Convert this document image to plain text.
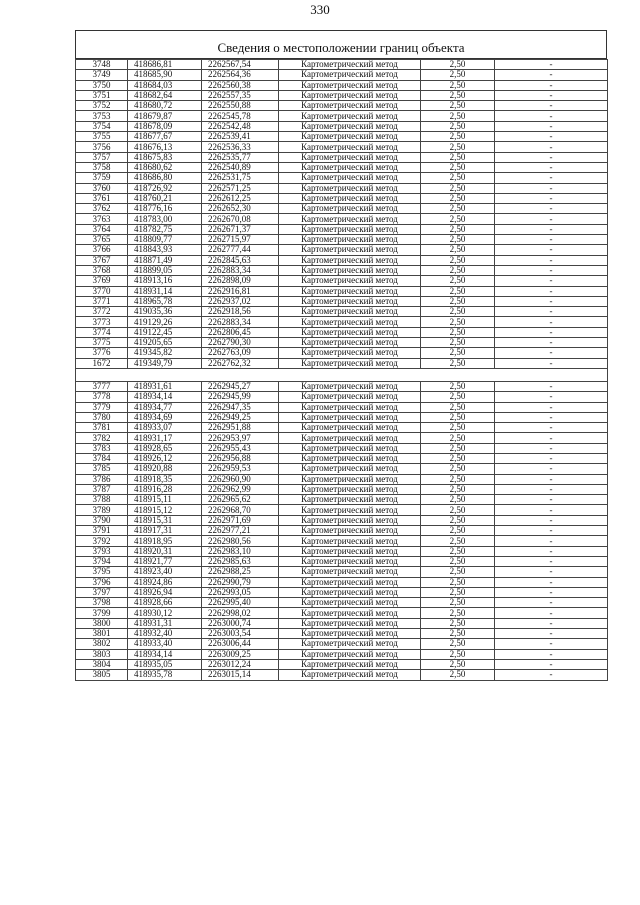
330
Сведения о местоположении границ объекта
3748	418686,81	2262567,54	Картометрический метод	2,50	-
3749	418685,90	2262564,36	Картометрический метод	2,50	-
3750	418684,03	2262560,38	Картометрический метод	2,50	-
3751	418682,64	2262557,35	Картометрический метод	2,50	-
3752	418680,72	2262550,88	Картометрический метод	2,50	-
3753	418679,87	2262545,78	Картометрический метод	2,50	-
3754	418678,09	2262542,48	Картометрический метод	2,50	-
3755	418677,67	2262539,41	Картометрический метод	2,50	-
3756	418676,13	2262536,33	Картометрический метод	2,50	-
3757	418675,83	2262535,77	Картометрический метод	2,50	-
3758	418680,62	2262540,89	Картометрический метод	2,50	-
3759	418686,80	2262531,75	Картометрический метод	2,50	-
3760	418726,92	2262571,25	Картометрический метод	2,50	-
3761	418760,21	2262612,25	Картометрический метод	2,50	-
3762	418776,16	2262652,30	Картометрический метод	2,50	-
3763	418783,00	2262670,08	Картометрический метод	2,50	-
3764	418782,75	2262671,37	Картометрический метод	2,50	-
3765	418809,77	2262715,97	Картометрический метод	2,50	-
3766	418843,93	2262777,44	Картометрический метод	2,50	-
3767	418871,49	2262845,63	Картометрический метод	2,50	-
3768	418899,05	2262883,34	Картометрический метод	2,50	-
3769	418913,16	2262898,09	Картометрический метод	2,50	-
3770	418931,14	2262916,81	Картометрический метод	2,50	-
3771	418965,78	2262937,02	Картометрический метод	2,50	-
3772	419035,36	2262918,56	Картометрический метод	2,50	-
3773	419129,26	2262883,34	Картометрический метод	2,50	-
3774	419122,45	2262806,45	Картометрический метод	2,50	-
3775	419205,65	2262790,30	Картометрический метод	2,50	-
3776	419345,82	2262763,09	Картометрический метод	2,50	-
1672	419349,79	2262762,32	Картометрический метод	2,50	-

3777	418931,61	2262945,27	Картометрический метод	2,50	-
3778	418934,14	2262945,99	Картометрический метод	2,50	-
3779	418934,77	2262947,35	Картометрический метод	2,50	-
3780	418934,69	2262949,25	Картометрический метод	2,50	-
3781	418933,07	2262951,88	Картометрический метод	2,50	-
3782	418931,17	2262953,97	Картометрический метод	2,50	-
3783	418928,65	2262955,43	Картометрический метод	2,50	-
3784	418926,12	2262956,88	Картометрический метод	2,50	-
3785	418920,88	2262959,53	Картометрический метод	2,50	-
3786	418918,35	2262960,90	Картометрический метод	2,50	-
3787	418916,28	2262962,99	Картометрический метод	2,50	-
3788	418915,11	2262965,62	Картометрический метод	2,50	-
3789	418915,12	2262968,70	Картометрический метод	2,50	-
3790	418915,31	2262971,69	Картометрический метод	2,50	-
3791	418917,31	2262977,21	Картометрический метод	2,50	-
3792	418918,95	2262980,56	Картометрический метод	2,50	-
3793	418920,31	2262983,10	Картометрический метод	2,50	-
3794	418921,77	2262985,63	Картометрический метод	2,50	-
3795	418923,40	2262988,25	Картометрический метод	2,50	-
3796	418924,86	2262990,79	Картометрический метод	2,50	-
3797	418926,94	2262993,05	Картометрический метод	2,50	-
3798	418928,66	2262995,40	Картометрический метод	2,50	-
3799	418930,12	2262998,02	Картометрический метод	2,50	-
3800	418931,31	2263000,74	Картометрический метод	2,50	-
3801	418932,40	2263003,54	Картометрический метод	2,50	-
3802	418933,40	2263006,44	Картометрический метод	2,50	-
3803	418934,14	2263009,25	Картометрический метод	2,50	-
3804	418935,05	2263012,24	Картометрический метод	2,50	-
3805	418935,78	2263015,14	Картометрический метод	2,50	-
